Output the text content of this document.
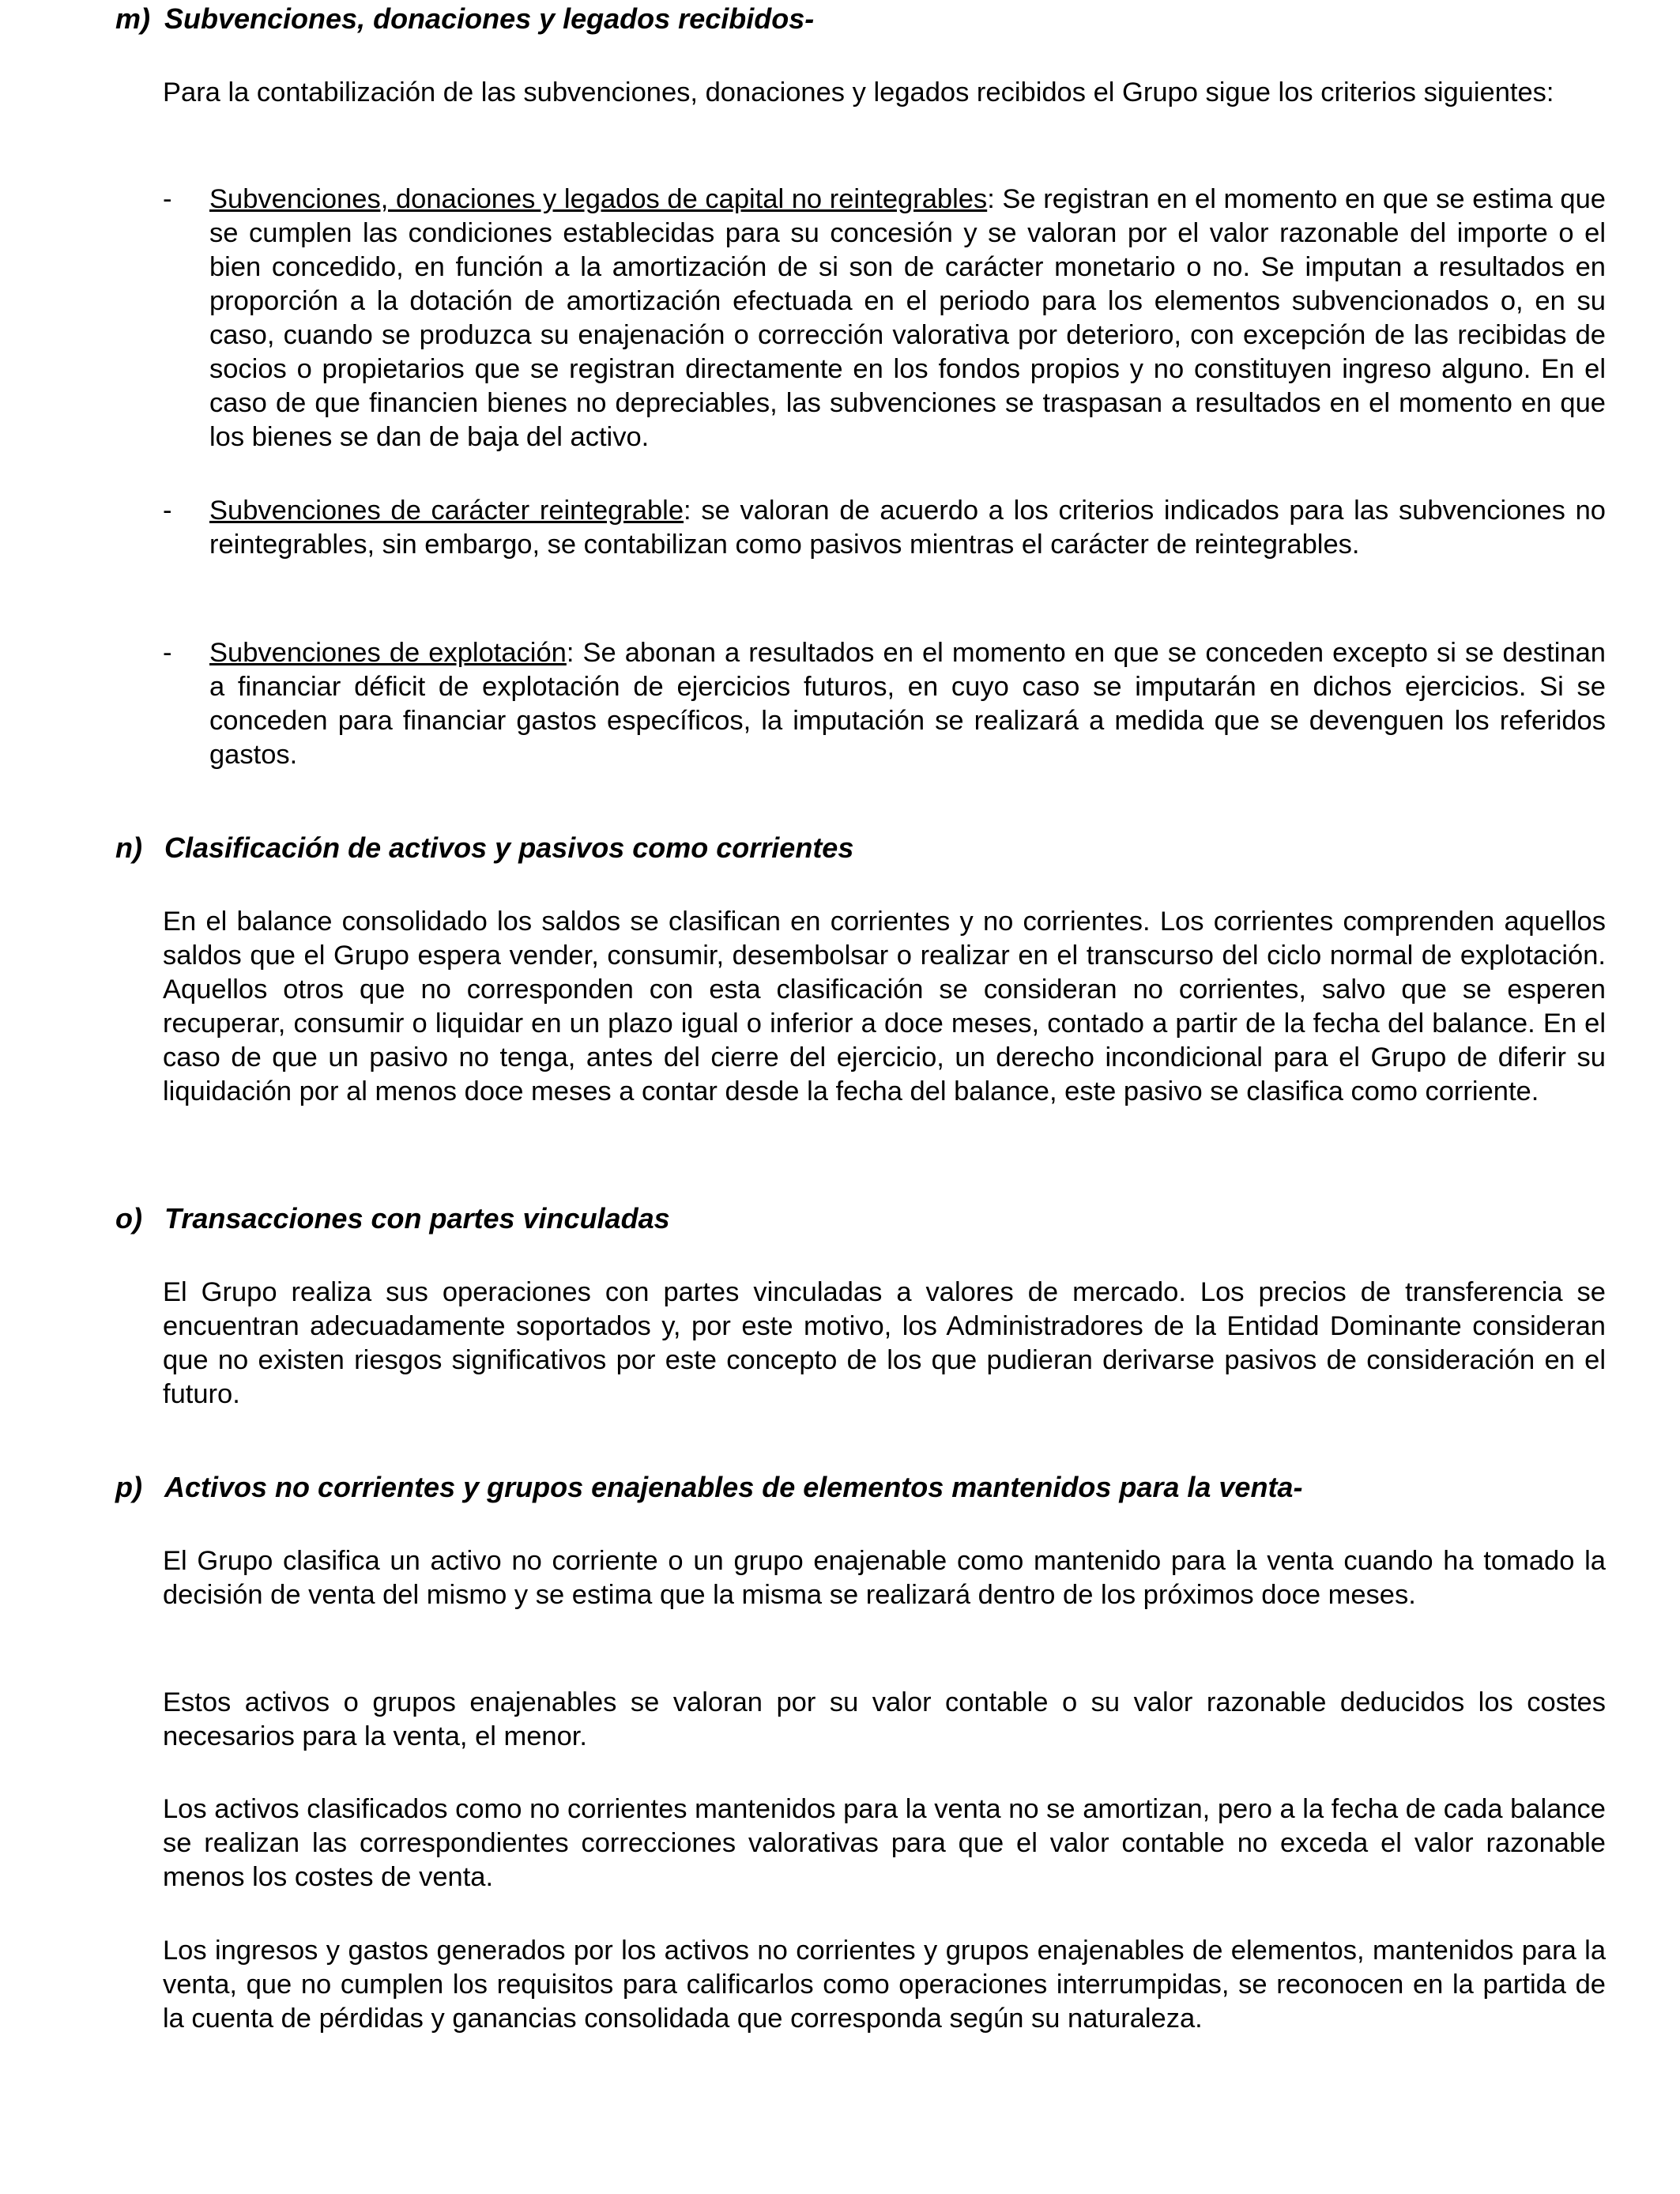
m) Subvenciones, donaciones y legados recibidos-
Para la contabilización de las subvenciones, donaciones y legados recibidos el Grupo sigue los criterios siguientes:
- Subvenciones, donaciones y legados de capital no reintegrables: Se registran en el momento en que se estima que se cumplen las condiciones establecidas para su concesión y se valoran por el valor razonable del importe o el bien concedido, en función a la amortización de si son de carácter monetario o no. Se imputan a resultados en proporción a la dotación de amortización efectuada en el periodo para los elementos subvencionados o, en su caso, cuando se produzca su enajenación o corrección valorativa por deterioro, con excepción de las recibidas de socios o propietarios que se registran directamente en los fondos propios y no constituyen ingreso alguno. En el caso de que financien bienes no depreciables, las subvenciones se traspasan a resultados en el momento en que los bienes se dan de baja del activo.
- Subvenciones de carácter reintegrable: se valoran de acuerdo a los criterios indicados para las subvenciones no reintegrables, sin embargo, se contabilizan como pasivos mientras el carácter de reintegrables.
- Subvenciones de explotación: Se abonan a resultados en el momento en que se conceden excepto si se destinan a financiar déficit de explotación de ejercicios futuros, en cuyo caso se imputarán en dichos ejercicios. Si se conceden para financiar gastos específicos, la imputación se realizará a medida que se devenguen los referidos gastos.
n) Clasificación de activos y pasivos como corrientes
En el balance consolidado los saldos se clasifican en corrientes y no corrientes. Los corrientes comprenden aquellos saldos que el Grupo espera vender, consumir, desembolsar o realizar en el transcurso del ciclo normal de explotación. Aquellos otros que no corresponden con esta clasificación se consideran no corrientes, salvo que se esperen recuperar, consumir o liquidar en un plazo igual o inferior a doce meses, contado a partir de la fecha del balance. En el caso de que un pasivo no tenga, antes del cierre del ejercicio, un derecho incondicional para el Grupo de diferir su liquidación por al menos doce meses a contar desde la fecha del balance, este pasivo se clasifica como corriente.
o) Transacciones con partes vinculadas
El Grupo realiza sus operaciones con partes vinculadas a valores de mercado. Los precios de transferencia se encuentran adecuadamente soportados y, por este motivo, los Administradores de la Entidad Dominante consideran que no existen riesgos significativos por este concepto de los que pudieran derivarse pasivos de consideración en el futuro.
p) Activos no corrientes y grupos enajenables de elementos mantenidos para la venta-
El Grupo clasifica un activo no corriente o un grupo enajenable como mantenido para la venta cuando ha tomado la decisión de venta del mismo y se estima que la misma se realizará dentro de los próximos doce meses.
Estos activos o grupos enajenables se valoran por su valor contable o su valor razonable deducidos los costes necesarios para la venta, el menor.
Los activos clasificados como no corrientes mantenidos para la venta no se amortizan, pero a la fecha de cada balance se realizan las correspondientes correcciones valorativas para que el valor contable no exceda el valor razonable menos los costes de venta.
Los ingresos y gastos generados por los activos no corrientes y grupos enajenables de elementos, mantenidos para la venta, que no cumplen los requisitos para calificarlos como operaciones interrumpidas, se reconocen en la partida de la cuenta de pérdidas y ganancias consolidada que corresponda según su naturaleza.
